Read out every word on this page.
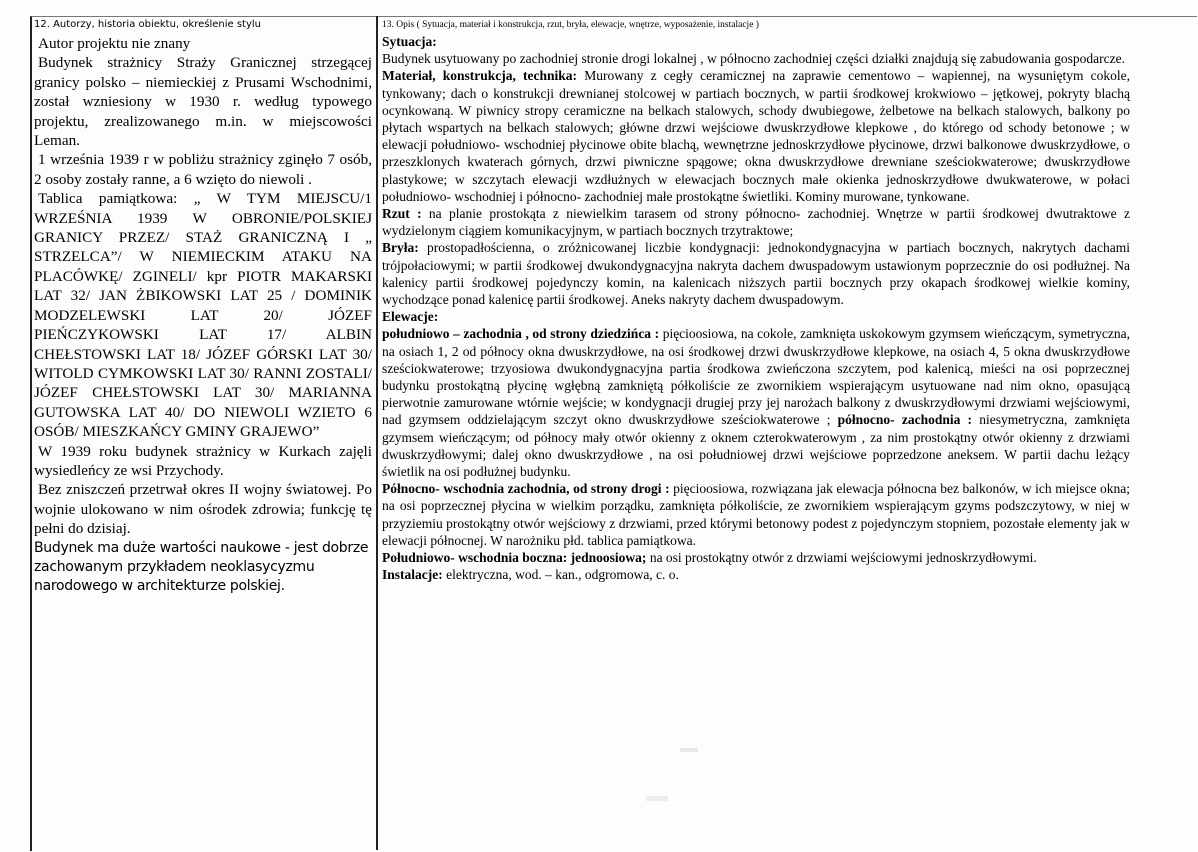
12. Autorzy, historia obiektu, określenie stylu

Autor projektu nie znany

Budynek strażnicy Straży Granicznej strzegącej granicy polsko – niemieckiej z Prusami Wschodnimi, został wzniesiony w 1930 r. według typowego projektu, zrealizowanego m.in. w miejscowości Leman.

1 września 1939 r w pobliżu strażnicy zginęło 7 osób, 2 osoby zostały ranne, a 6 wzięto do niewoli .

Tablica pamiątkowa: „ W TYM MIEJSCU/1 WRZEŚNIA 1939 W OBRONIE/POLSKIEJ GRANICY PRZEZ/ STAŻ GRANICZNĄ I „ STRZELCA”/ W NIEMIECKIM ATAKU NA PLACÓWKĘ/ ZGINELI/ kpr PIOTR MAKARSKI LAT 32/ JAN ŻBIKOWSKI LAT 25 / DOMINIK MODZELEWSKI LAT 20/ JÓZEF PIEŃCZYKOWSKI LAT 17/ ALBIN CHEŁSTOWSKI LAT 18/ JÓZEF GÓRSKI LAT 30/ WITOLD CYMKOWSKI LAT 30/ RANNI ZOSTALI/ JÓZEF CHEŁSTOWSKI LAT 30/ MARIANNA GUTOWSKA LAT 40/ DO NIEWOLI WZIETO 6 OSÓB/ MIESZKAŃCY GMINY GRAJEWO”

W 1939 roku budynek strażnicy w Kurkach zajęli wysiedleńcy ze wsi Przychody.

Bez zniszczeń przetrwał okres II wojny światowej. Po wojnie ulokowano w nim ośrodek zdrowia; funkcję tę pełni do dzisiaj.

Budynek ma duże wartości naukowe - jest dobrze zachowanym przykładem neoklasycyzmu narodowego w architekturze polskiej.

13. Opis ( Sytuacja, materiał i konstrukcja, rzut, bryła, elewacje, wnętrze, wyposażenie, instalacje )

Sytuacja:

Budynek usytuowany po zachodniej stronie drogi lokalnej , w północno zachodniej części działki znajdują się zabudowania gospodarcze.

Materiał, konstrukcja, technika: Murowany z cegły ceramicznej na zaprawie cementowo – wapiennej, na wysuniętym cokole, tynkowany; dach o konstrukcji drewnianej stolcowej w partiach bocznych, w partii środkowej krokwiowo – jętkowej, pokryty blachą ocynkowaną. W piwnicy stropy ceramiczne na belkach stalowych, schody dwubiegowe, żelbetowe na belkach stalowych, balkony po płytach wspartych na belkach stalowych; główne drzwi wejściowe dwuskrzydłowe klepkowe , do którego od schody betonowe ; w elewacji południowo- wschodniej płycinowe obite blachą, wewnętrzne jednoskrzydłowe płycinowe, drzwi balkonowe dwuskrzydłowe, o przeszklonych kwaterach górnych, drzwi piwniczne spągowe; okna dwuskrzydłowe drewniane sześciokwaterowe; dwuskrzydłowe plastykowe; w szczytach elewacji wzdłużnych w elewacjach bocznych małe okienka jednoskrzydłowe dwukwaterowe, w połaci południowo- wschodniej i północno- zachodniej małe prostokątne świetliki. Kominy murowane, tynkowane.

Rzut : na planie prostokąta z niewielkim tarasem od strony północno- zachodniej. Wnętrze w partii środkowej dwutraktowe z wydzielonym ciągiem komunikacyjnym, w partiach bocznych trzytraktowe;

Bryła: prostopadłościenna, o zróżnicowanej liczbie kondygnacji: jednokondygnacyjna w partiach bocznych, nakrytych dachami trójpołaciowymi; w partii środkowej dwukondygnacyjna nakryta dachem dwuspadowym ustawionym poprzecznie do osi podłużnej. Na kalenicy partii środkowej pojedynczy komin, na kalenicach niższych partii bocznych przy okapach środkowej wielkie kominy, wychodzące ponad kalenicę partii środkowej. Aneks nakryty dachem dwuspadowym.

Elewacje:

południowo – zachodnia , od strony dziedzińca : pięcioosiowa, na cokole, zamknięta uskokowym gzymsem wieńczącym, symetryczna, na osiach 1, 2 od północy okna dwuskrzydłowe, na osi środkowej drzwi dwuskrzydłowe klepkowe, na osiach 4, 5 okna dwuskrzydłowe sześciokwaterowe; trzyosiowa dwukondygnacyjna partia środkowa zwieńczona szczytem, pod kalenicą, mieści na osi poprzecznej budynku prostokątną płycinę wgłębną zamkniętą półkoliście ze zwornikiem wspierającym usytuowane nad nim okno, opasującą pierwotnie zamurowane wtórnie wejście; w kondygnacji drugiej przy jej narożach balkony z dwuskrzydłowymi drzwiami wejściowymi, nad gzymsem oddzielającym szczyt okno dwuskrzydłowe sześciokwaterowe ; północno- zachodnia : niesymetryczna, zamknięta gzymsem wieńczącym; od północy mały otwór okienny z oknem czterokwaterowym , za nim prostokątny otwór okienny z drzwiami dwuskrzydłowymi; dalej okno dwuskrzydłowe , na osi południowej drzwi wejściowe poprzedzone aneksem. W partii dachu leżący świetlik na osi podłużnej budynku.

Północno- wschodnia zachodnia, od strony drogi : pięcioosiowa, rozwiązana jak elewacja północna bez balkonów, w ich miejsce okna; na osi poprzecznej płycina w wielkim porządku, zamknięta półkoliście, ze zwornikiem wspierającym gzyms podszczytowy, w niej w przyziemiu prostokątny otwór wejściowy z drzwiami, przed którymi betonowy podest z pojedynczym stopniem, pozostałe elementy jak w elewacji północnej. W narożniku płd. tablica pamiątkowa.

Południowo- wschodnia boczna: jednoosiowa; na osi prostokątny otwór z drzwiami wejściowymi jednoskrzydłowymi.

Instalacje: elektryczna, wod. – kan., odgromowa, c. o.
